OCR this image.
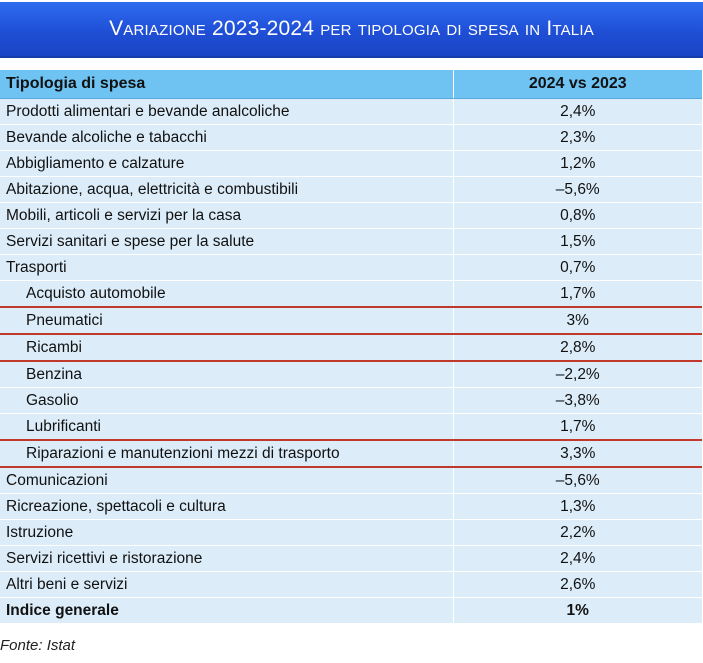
Variazione 2023-2024 per tipologia di spesa in Italia
Tipologia di spesa	2024 vs 2023
Prodotti alimentari e bevande analcoliche	2,4%
Bevande alcoliche e tabacchi	2,3%
Abbigliamento e calzature	1,2%
Abitazione, acqua, elettricità e combustibili	–5,6%
Mobili, articoli e servizi per la casa	0,8%
Servizi sanitari e spese per la salute	1,5%
Trasporti	0,7%
Acquisto automobile	1,7%
Pneumatici	3%
Ricambi	2,8%
Benzina	–2,2%
Gasolio	–3,8%
Lubrificanti	1,7%
Riparazioni e manutenzioni mezzi di trasporto	3,3%
Comunicazioni	–5,6%
Ricreazione, spettacoli e cultura	1,3%
Istruzione	2,2%
Servizi ricettivi e ristorazione	2,4%
Altri beni e servizi	2,6%
Indice generale	1%
Fonte: Istat
